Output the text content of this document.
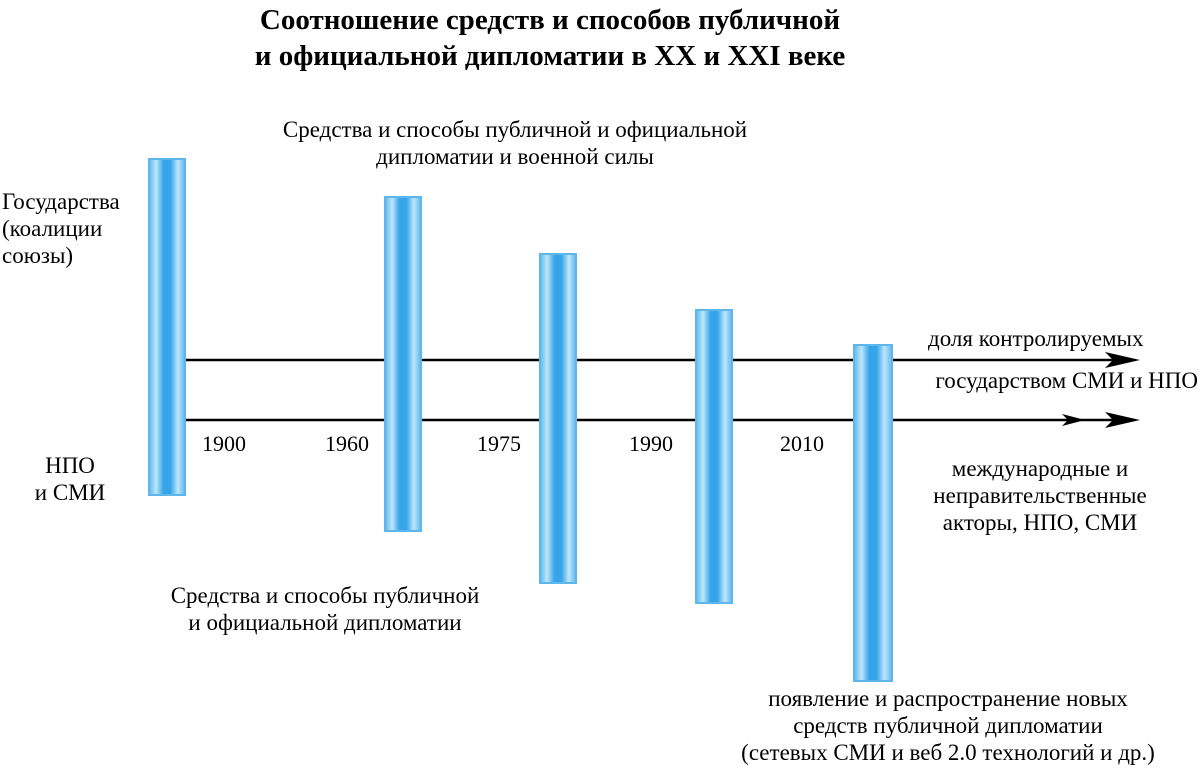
Соотношение средств и способов публичной
и официальной дипломатии в XX и XXI веке
Средства и способы публичной и официальной
дипломатии и военной силы
Государства
(коалиции
союзы)
НПО
и СМИ
1900	1960	1975	1990	2010
доля контролируемых
государством СМИ и НПО
международные и
неправительственные
акторы, НПО, СМИ
Средства и способы публичной
и официальной дипломатии
появление и распространение новых
средств публичной дипломатии
(сетевых СМИ и веб 2.0 технологий и др.)
